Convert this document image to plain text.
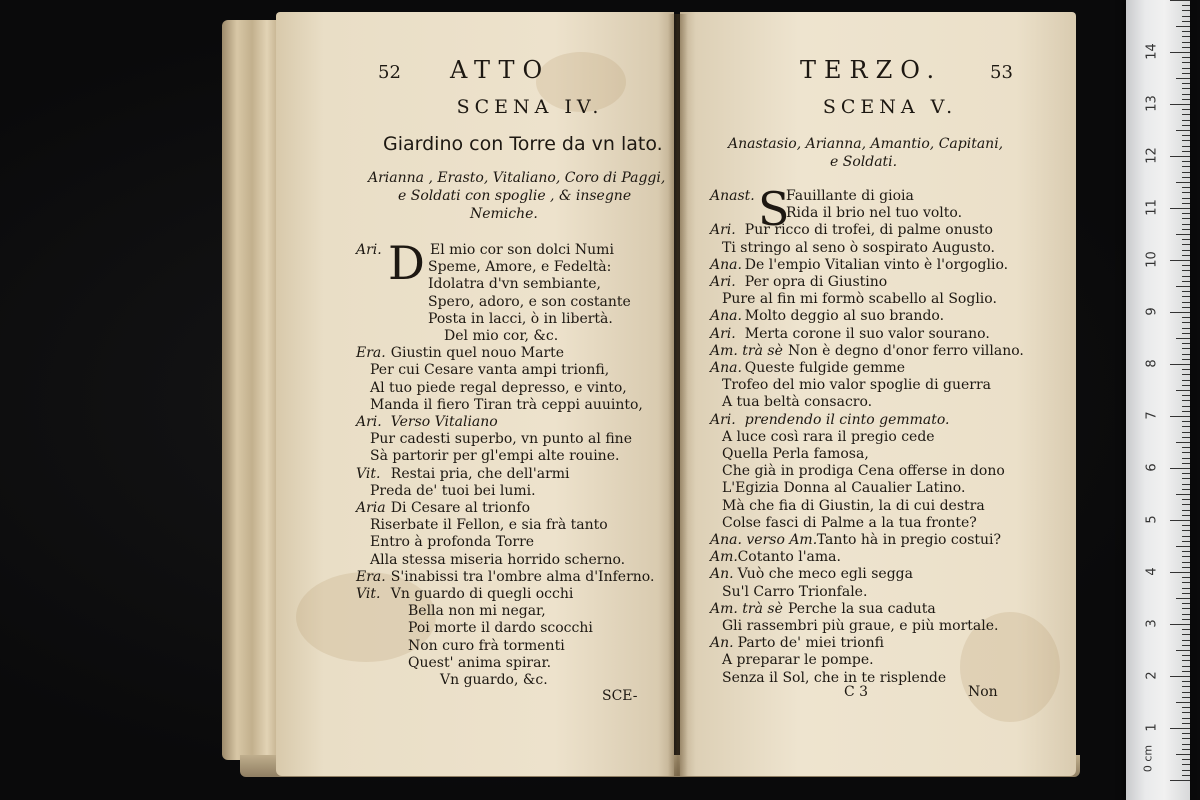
0 cm
1
2
3
4
5
6
7
8
9
10
11
12
13
14
52 ATTO
SCENA IV.
Giardino con Torre da vn lato.
Arianna , Erasto, Vitaliano, Coro di Paggi,
e Soldati con spoglie , & insegne
Nemiche.
D
Ari.	El mio cor son dolci Numi
Speme, Amore, e Fedeltà:
Idolatra d'vn sembiante,
Spero, adoro, e son costante
Posta in lacci, ò in libertà.
Del mio cor, &c.
Era. Giustin quel nouo Marte
Per cui Cesare vanta ampi trionfi,
Al tuo piede regal depresso, e vinto,
Manda il fiero Tiran trà ceppi auuinto,
Ari. Verso Vitaliano
Pur cadesti superbo, vn punto al fine
Sà partorir per gl'empi alte rouine.
Vit. Restai pria, che dell'armi
Preda de' tuoi bei lumi.
Aria Di Cesare al trionfo
Riserbate il Fellon, e sia frà tanto
Entro à profonda Torre
Alla stessa miseria horrido scherno.
Era. S'inabissi tra l'ombre alma d'Inferno.
Vit. Vn guardo di quegli occhi
Bella non mi negar,
Poi morte il dardo scocchi
Non curo frà tormenti
Quest' anima spirar.
Vn guardo, &c.
SCE-
TERZO.	53
SCENA V.
Anastasio, Arianna, Amantio, Capitani,
e Soldati.
S
Anast. Fauillante di gioia
Rida il brio nel tuo volto.
Ari. Pur ricco di trofei, di palme onusto
Ti stringo al seno ò sospirato Augusto.
Ana. De l'empio Vitalian vinto è l'orgoglio.
Ari. Per opra di Giustino
Pure al fin mi formò scabello al Soglio.
Ana. Molto deggio al suo brando.
Ari. Merta corone il suo valor sourano.
Am. trà sè Non è degno d'onor ferro villano.
Ana. Queste fulgide gemme
Trofeo del mio valor spoglie di guerra
A tua beltà consacro.
Ari. prendendo il cinto gemmato.
A luce così rara il pregio cede
Quella Perla famosa,
Che già in prodiga Cena offerse in dono
L'Egizia Donna al Caualier Latino.
Mà che fia di Giustin, la di cui destra
Colse fasci di Palme a la tua fronte?
Ana. verso Am. Tanto hà in pregio costui?
Am. Cotanto l'ama.
An. Vuò che meco egli segga
Su'l Carro Trionfale.
Am. trà sè Perche la sua caduta
Gli rassembri più graue, e più mortale.
An. Parto de' miei trionfi
A preparar le pompe.
Senza il Sol, che in te risplende
C 3	Non
